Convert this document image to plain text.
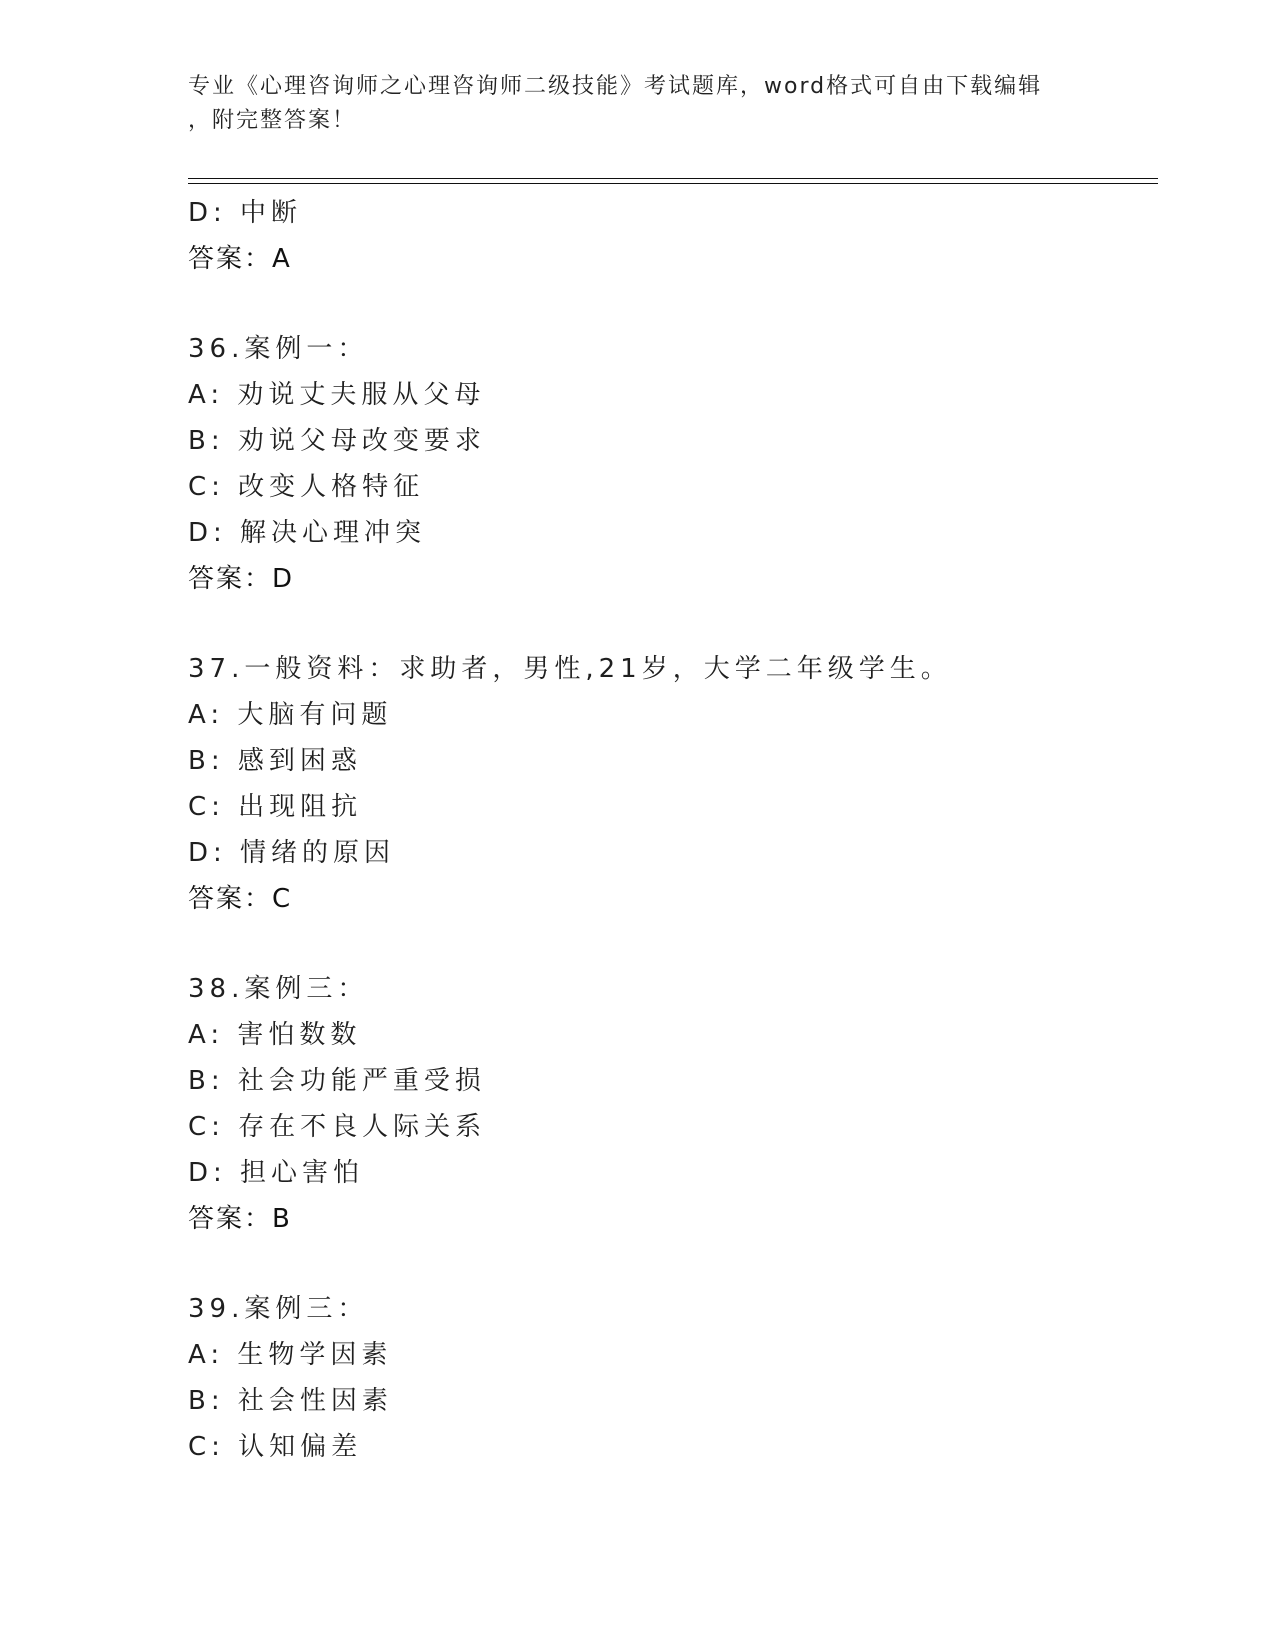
专业《心理咨询师之心理咨询师二级技能》考试题库，word格式可自由下载编辑
，附完整答案！
D: 中断
答案：A
36.案例一：
A: 劝说丈夫服从父母
B: 劝说父母改变要求
C: 改变人格特征
D: 解决心理冲突
答案：D
37.一般资料：求助者，男性,21岁，大学二年级学生。
A: 大脑有问题
B: 感到困惑
C: 出现阻抗
D: 情绪的原因
答案：C
38.案例三：
A: 害怕数数
B: 社会功能严重受损
C: 存在不良人际关系
D: 担心害怕
答案：B
39.案例三：
A: 生物学因素
B: 社会性因素
C: 认知偏差
